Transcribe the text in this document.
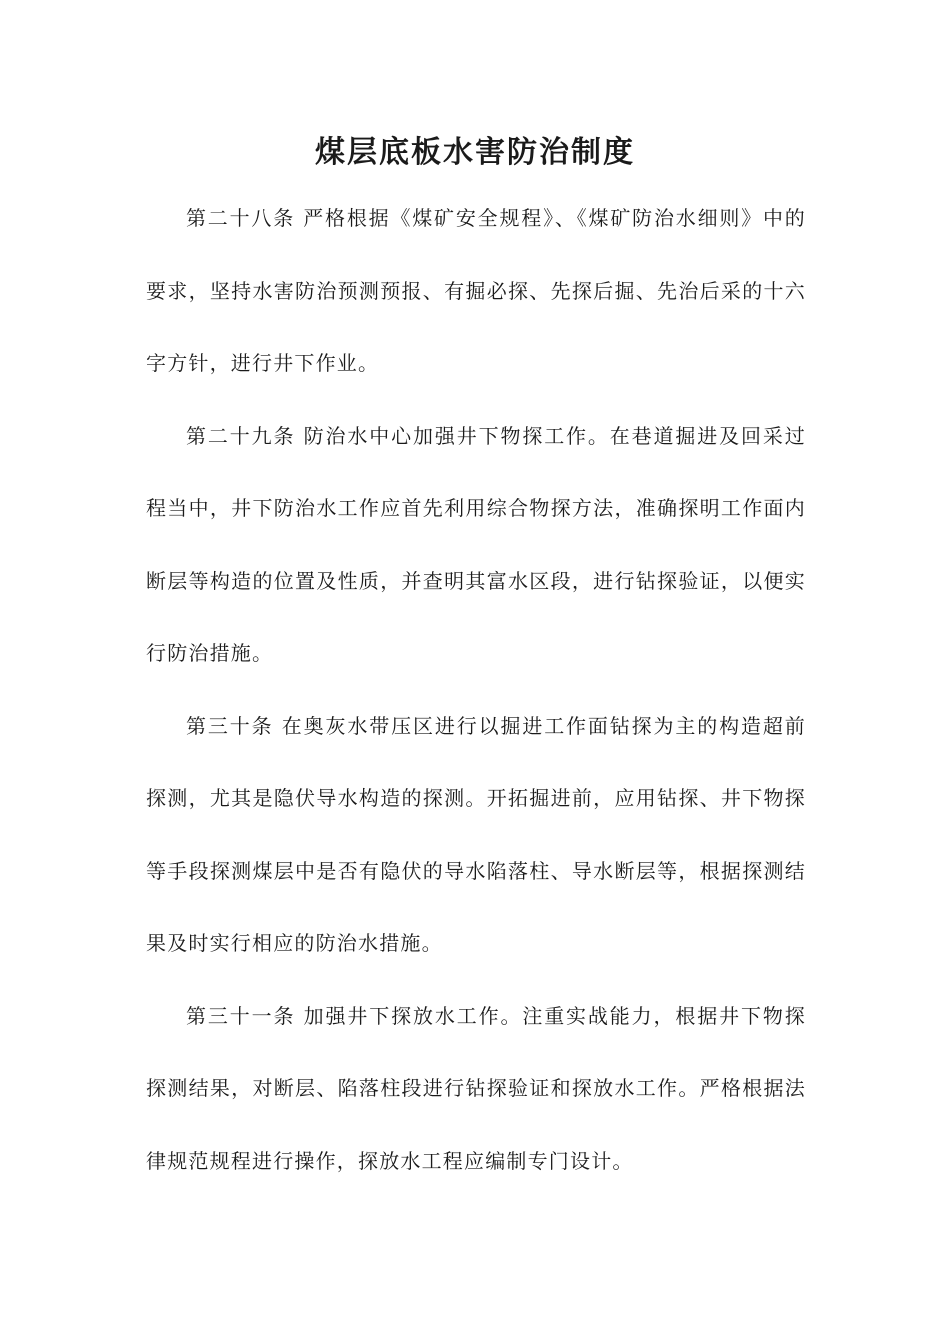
煤层底板水害防治制度

第二十八条 严格根据《煤矿安全规程》、《煤矿防治水细则》中的要求，坚持水害防治预测预报、有掘必探、先探后掘、先治后采的十六字方针，进行井下作业。

第二十九条 防治水中心加强井下物探工作。在巷道掘进及回采过程当中，井下防治水工作应首先利用综合物探方法，准确探明工作面内断层等构造的位置及性质，并查明其富水区段，进行钻探验证，以便实行防治措施。

第三十条 在奥灰水带压区进行以掘进工作面钻探为主的构造超前探测，尤其是隐伏导水构造的探测。开拓掘进前，应用钻探、井下物探等手段探测煤层中是否有隐伏的导水陷落柱、导水断层等，根据探测结果及时实行相应的防治水措施。

第三十一条 加强井下探放水工作。注重实战能力，根据井下物探探测结果，对断层、陷落柱段进行钻探验证和探放水工作。严格根据法律规范规程进行操作，探放水工程应编制专门设计。
